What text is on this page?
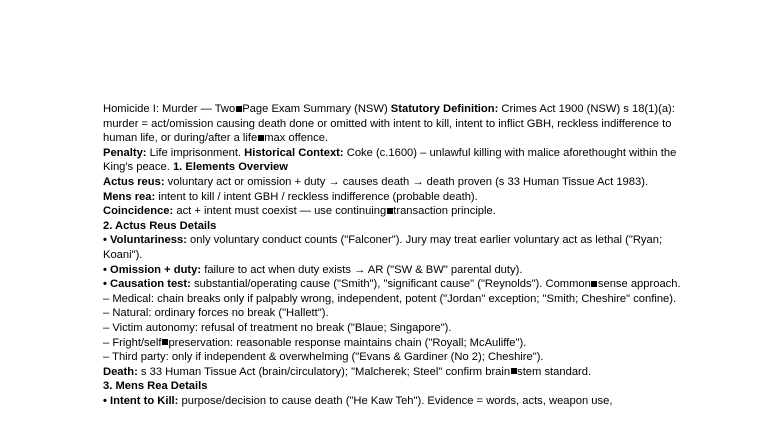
Homicide I: Murder — Two Page Exam Summary (NSW) Statutory Definition: Crimes Act 1900 (NSW) s 18(1)(a): murder = act/omission causing death done or omitted with intent to kill, intent to inflict GBH, reckless indifference to human life, or during/after a life max offence.

Penalty: Life imprisonment. Historical Context: Coke (c.1600) – unlawful killing with malice aforethought within the King's peace. 1. Elements Overview

Actus reus: voluntary act or omission + duty → causes death → death proven (s 33 Human Tissue Act 1983).

Mens rea: intent to kill / intent GBH / reckless indifference (probable death).

Coincidence: act + intent must coexist — use continuing transaction principle.

2. Actus Reus Details

• Voluntariness: only voluntary conduct counts ("Falconer"). Jury may treat earlier voluntary act as lethal ("Ryan; Koani").

• Omission + duty: failure to act when duty exists → AR ("SW & BW" parental duty).

• Causation test: substantial/operating cause ("Smith"), "significant cause" ("Reynolds"). Common sense approach.

– Medical: chain breaks only if palpably wrong, independent, potent ("Jordan" exception; "Smith; Cheshire" confine).

– Natural: ordinary forces no break ("Hallett").

– Victim autonomy: refusal of treatment no break ("Blaue; Singapore").

– Fright/self preservation: reasonable response maintains chain ("Royall; McAuliffe").

– Third party: only if independent & overwhelming ("Evans & Gardiner (No 2); Cheshire").

Death: s 33 Human Tissue Act (brain/circulatory); "Malcherek; Steel" confirm brain stem standard.

3. Mens Rea Details

• Intent to Kill: purpose/decision to cause death ("He Kaw Teh"). Evidence = words, acts, weapon use,
